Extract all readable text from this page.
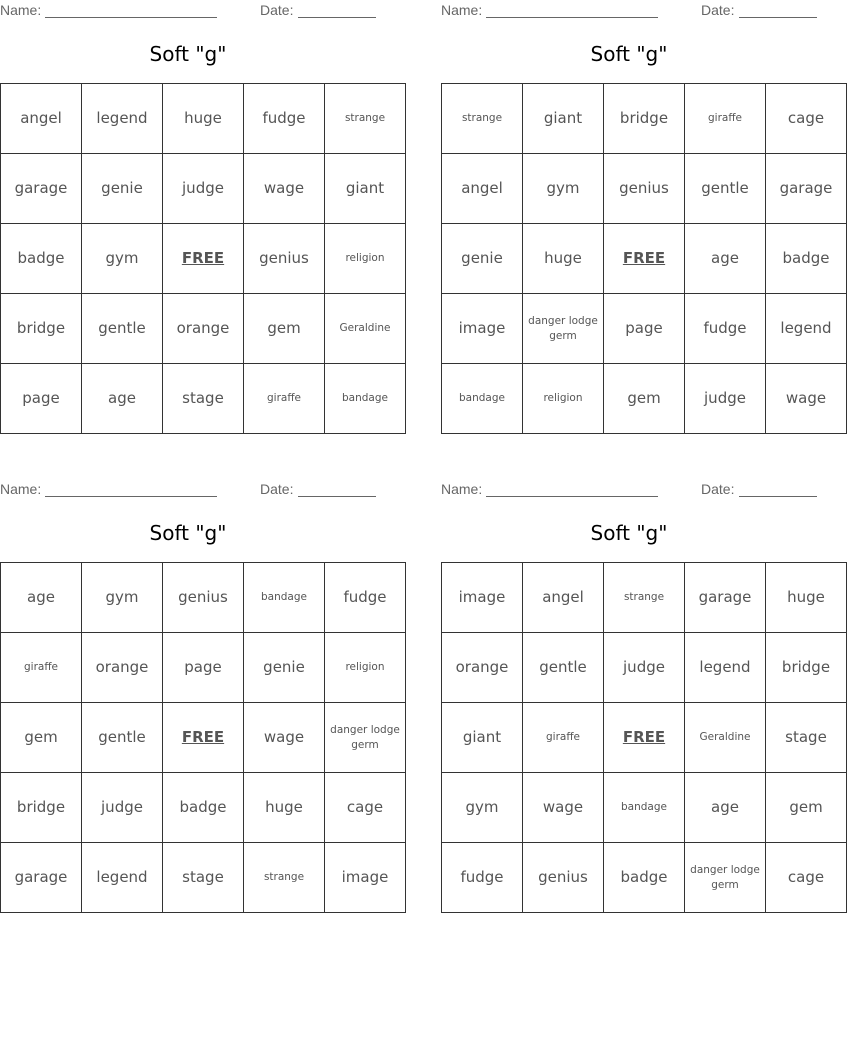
Name:	Date:
Soft "g"
angel	legend	huge	fudge	strange
garage	genie	judge	wage	giant
badge	gym	FREE	genius	religion
bridge	gentle	orange	gem	Geraldine
page	age	stage	giraffe	bandage
Name:	Date:
Soft "g"
strange	giant	bridge	giraffe	cage
angel	gym	genius	gentle	garage
genie	huge	FREE	age	badge
image	danger lodge germ	page	fudge	legend
bandage	religion	gem	judge	wage
Name:	Date:
Soft "g"
age	gym	genius	bandage	fudge
giraffe	orange	page	genie	religion
gem	gentle	FREE	wage	danger lodge germ
bridge	judge	badge	huge	cage
garage	legend	stage	strange	image
Name:	Date:
Soft "g"
image	angel	strange	garage	huge
orange	gentle	judge	legend	bridge
giant	giraffe	FREE	Geraldine	stage
gym	wage	bandage	age	gem
fudge	genius	badge	danger lodge germ	cage
